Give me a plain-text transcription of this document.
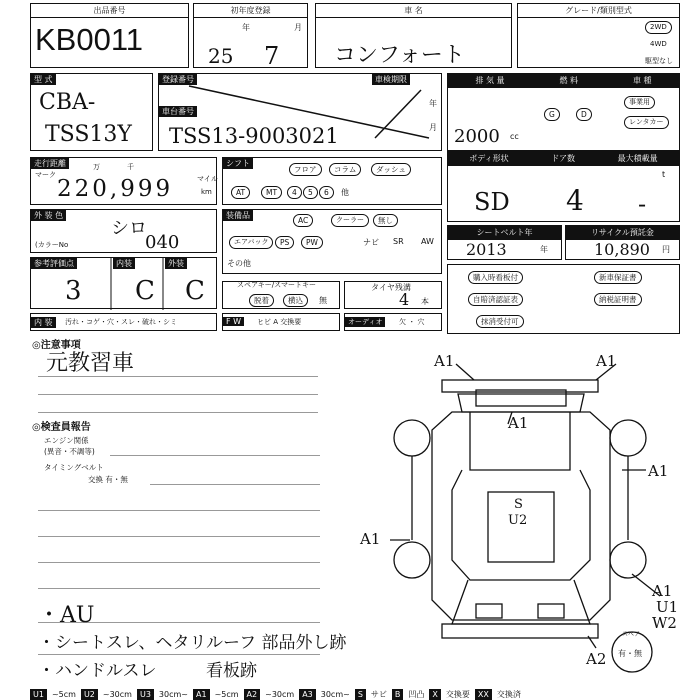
出品番号
KB0011
初年度登録
25
年
7
月
車 名
コンフォート
グレード/類別型式
2WD
4WD
駆型なし
型 式
CBA-
TSS13Y
登録番号	車検期限
年
月
車台番号
TSS13-9003021
排 気 量	燃 料	車 種
2000 cc
G	D
事業用
レンタカー
走行距離
マーク
万	千
マイル
km
220,999
シフト
フロア	コラム	ダッシュ
AT	MT	4	5	6	他
ボディ形状	ドア数	最大積載量
SD 4
t
-
外 装 色
シロ
(カラーNo	040
装備品
AC	クーラー	無し
エアバック	PS	PW	ナビ SR AW
その他
シートベルト年
2013	年
リサイクル預託金
10,890 円
参考評価点	内装	外装
3 C C	スペアキー/スマートキー
脱着	横込	無
タイヤ残溝
4 本
購入時看板付	新車保証書
自賠済認証表	納税証明書
抹消受付可
内 装	汚れ・コゲ・穴・スレ・破れ・シミ	F W	ヒビ A 交換要	オーディオ	欠 ・ 穴
◎注意事項
元教習車
◎検査員報告
エンジン関係
(異音・不調等)
タイミングベルト
交換 有・無
・AU
・シートスレ、ヘタリ ルーフ 部品外し跡
・ハンドルスレ	看板跡
A1	A1
A1
A1
A1
A1
U1
W2
A2
S
U2
スペア
有・無
U1	~5cm	U2	~30cm	U3	30cm~	A1	~5cm	A2	~30cm	A3	30cm~	S	サビ	B	凹凸	X	交換要	XX	交換済
